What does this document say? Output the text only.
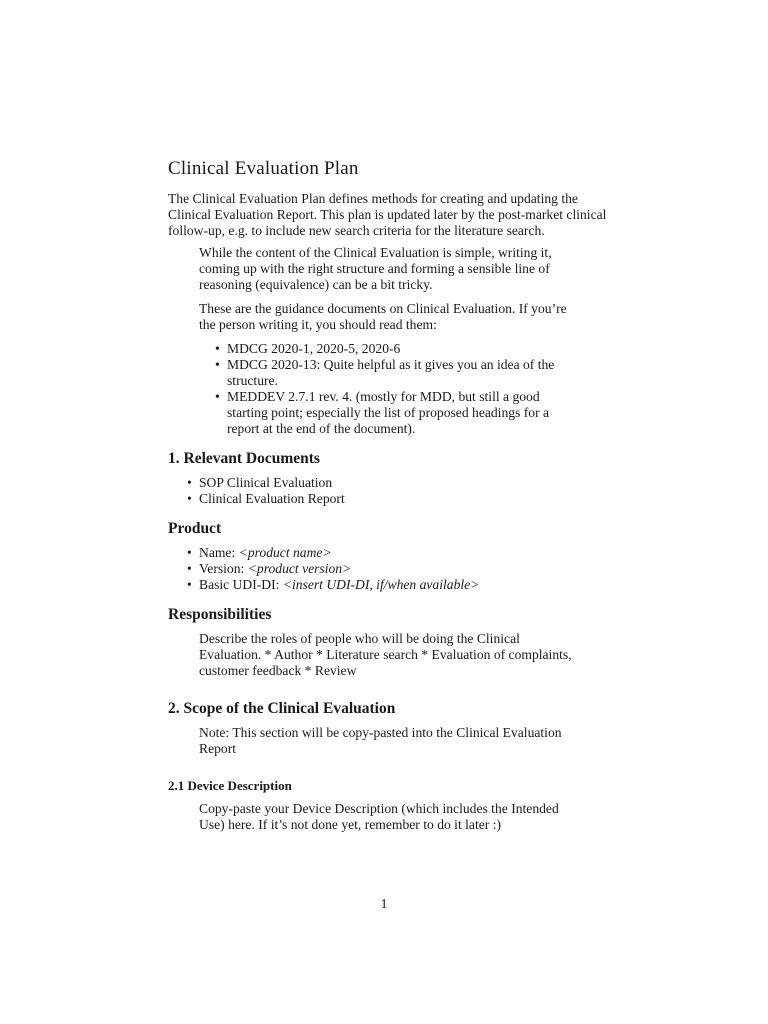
Clinical Evaluation Plan

The Clinical Evaluation Plan defines methods for creating and updating the Clinical Evaluation Report. This plan is updated later by the post-market clinical follow-up, e.g. to include new search criteria for the literature search.

While the content of the Clinical Evaluation is simple, writing it, coming up with the right structure and forming a sensible line of reasoning (equivalence) can be a bit tricky.

These are the guidance documents on Clinical Evaluation. If you’re the person writing it, you should read them:

• MDCG 2020-1, 2020-5, 2020-6
• MDCG 2020-13: Quite helpful as it gives you an idea of the structure.
• MEDDEV 2.7.1 rev. 4. (mostly for MDD, but still a good starting point; especially the list of proposed headings for a report at the end of the document).
1. Relevant Documents
• SOP Clinical Evaluation
• Clinical Evaluation Report
Product
• Name: <product name>
• Version: <product version>
• Basic UDI-DI: <insert UDI-DI, if/when available>
Responsibilities

Describe the roles of people who will be doing the Clinical Evaluation. * Author * Literature search * Evaluation of complaints, customer feedback * Review

2. Scope of the Clinical Evaluation

Note: This section will be copy-pasted into the Clinical Evaluation Report

2.1 Device Description

Copy-paste your Device Description (which includes the Intended Use) here. If it’s not done yet, remember to do it later :)

1
